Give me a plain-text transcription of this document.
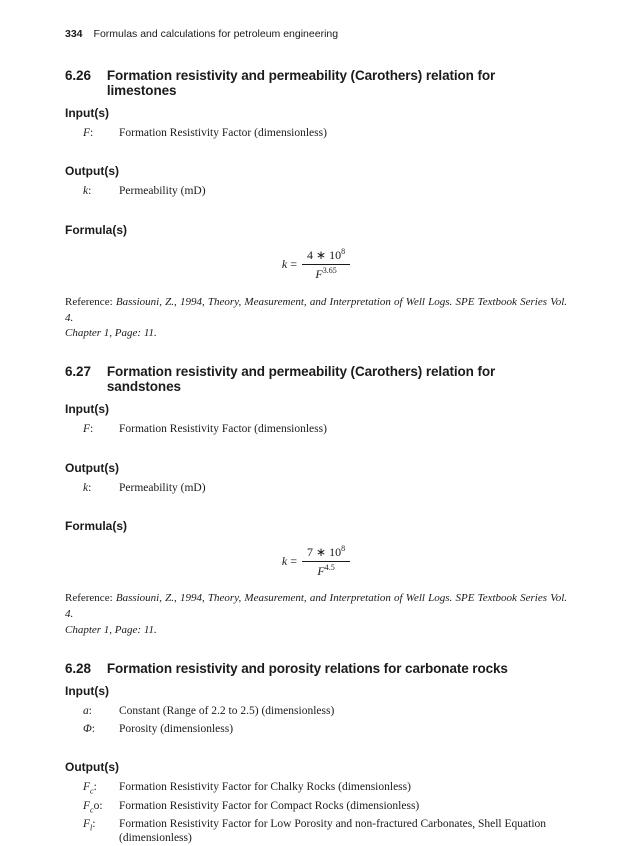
334 Formulas and calculations for petroleum engineering
6.26 Formation resistivity and permeability (Carothers) relation for limestones
Input(s)
F:	Formation Resistivity Factor (dimensionless)
Output(s)
k:	Permeability (mD)
Formula(s)
$k = \frac{4 ∗ 10^8}{F^{3.65}}$
Reference: Bassiouni, Z., 1994, Theory, Measurement, and Interpretation of Well Logs. SPE Textbook Series Vol. 4.
Chapter 1, Page: 11.
6.27 Formation resistivity and permeability (Carothers) relation for sandstones
Input(s)
F:	Formation Resistivity Factor (dimensionless)
Output(s)
k:	Permeability (mD)
Formula(s)
$k = \frac{7 ∗ 10^8}{F^{4.5}}$
Reference: Bassiouni, Z., 1994, Theory, Measurement, and Interpretation of Well Logs. SPE Textbook Series Vol. 4.
Chapter 1, Page: 11.
6.28 Formation resistivity and porosity relations for carbonate rocks
Input(s)
a:	Constant (Range of 2.2 to 2.5) (dimensionless)
Φ:	Porosity (dimensionless)
Output(s)
$F_c$:	Formation Resistivity Factor for Chalky Rocks (dimensionless)
$F_co$:	Formation Resistivity Factor for Compact Rocks (dimensionless)
$F_l$:	Formation Resistivity Factor for Low Porosity and non-fractured Carbonates, Shell Equation (dimensionless)
